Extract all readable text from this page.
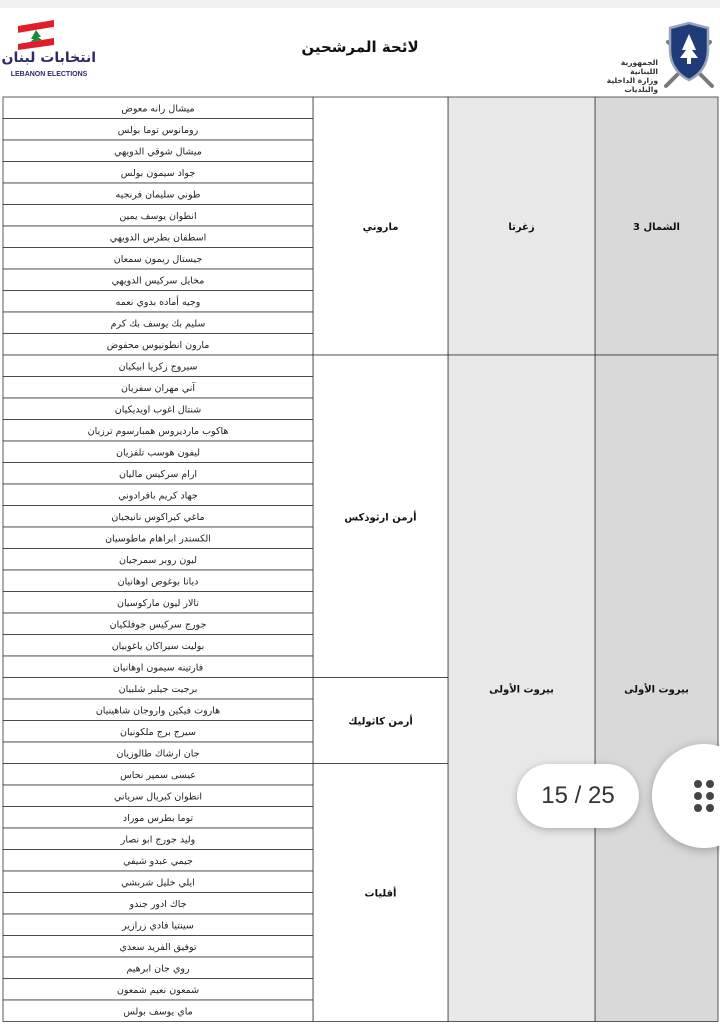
انتخابات لبنان
LEBANON ELECTIONS
لائحة المرشحين
الجمهورية اللبنانية
وزارة الداخلية
والبلديات
الشمال 3
بيروت الأولى
زغرتا
بيروت الأولى
ماروني
أرمن ارثوذكس
أرمن كاثوليك
أقليات
ميشال رانه معوض
رومانوس توما بولس
ميشال شوقي الدويهي
جواد سيمون بولس
طوني سليمان فرنجيه
انطوان يوسف يمين
اسطفان بطرس الدويهي
جيستال ريمون سمعان
مخايل سركيس الدويهي
وجيه أماده بدوي نعمه
سليم بك يوسف بك كرم
مارون انطونيوس محفوض
سيروج زكريا ابيكيان
آني مهران سفريان
شنتال اغوب اويديكيان
هاكوب ماردیروس همبارسوم ترزيان
ليفون هوسب تلفزيان
ارام سركيس ماليان
جهاد كريم باقرادوني
ماغي كيراكوس نانيجيان
الكسندر ابراهام ماطوسيان
ليون روبر سمرجيان
ديانا بوغوص اوهانيان
تالار ليون ماركوسيان
جورج سركيس جوفلكيان
بوليت سيراكان ياغوبيان
فارتينه سيمون اوهانيان
برجيت جيلبر شلبيان
هاروت فيكين واروجان شاهينيان
سيرج برج ملكونيان
جان ارشاك طالوزيان
عيسى سمير نحاس
انطوان كبريال سرياني
توما بطرس موراد
وليد جورج ابو نصار
جيمي عبدو شيفي
ايلي خليل شربشي
جاك ادور جندو
سينتيا فادي زرازير
توفيق الفريد سعدي
روي جان ابرهيم
شمعون نعيم شمعون
ماي يوسف بولس
15 / 25
